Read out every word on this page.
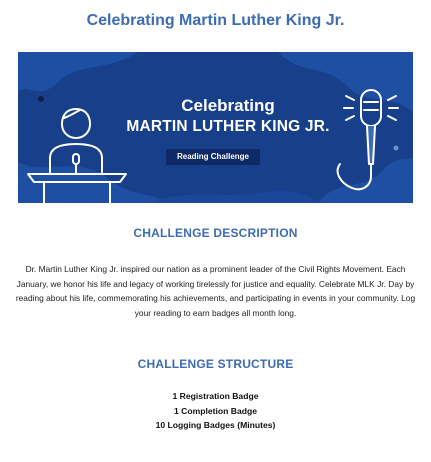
Celebrating Martin Luther King Jr.
Celebrating
MARTIN LUTHER KING JR.
Reading Challenge
CHALLENGE DESCRIPTION

Dr. Martin Luther King Jr. inspired our nation as a prominent leader of the Civil Rights Movement. Each January, we honor his life and legacy of working tirelessly for justice and equality. Celebrate MLK Jr. Day by reading about his life, commemorating his achievements, and participating in events in your community. Log your reading to earn badges all month long.

CHALLENGE STRUCTURE
1 Registration Badge
1 Completion Badge
10 Logging Badges (Minutes)
